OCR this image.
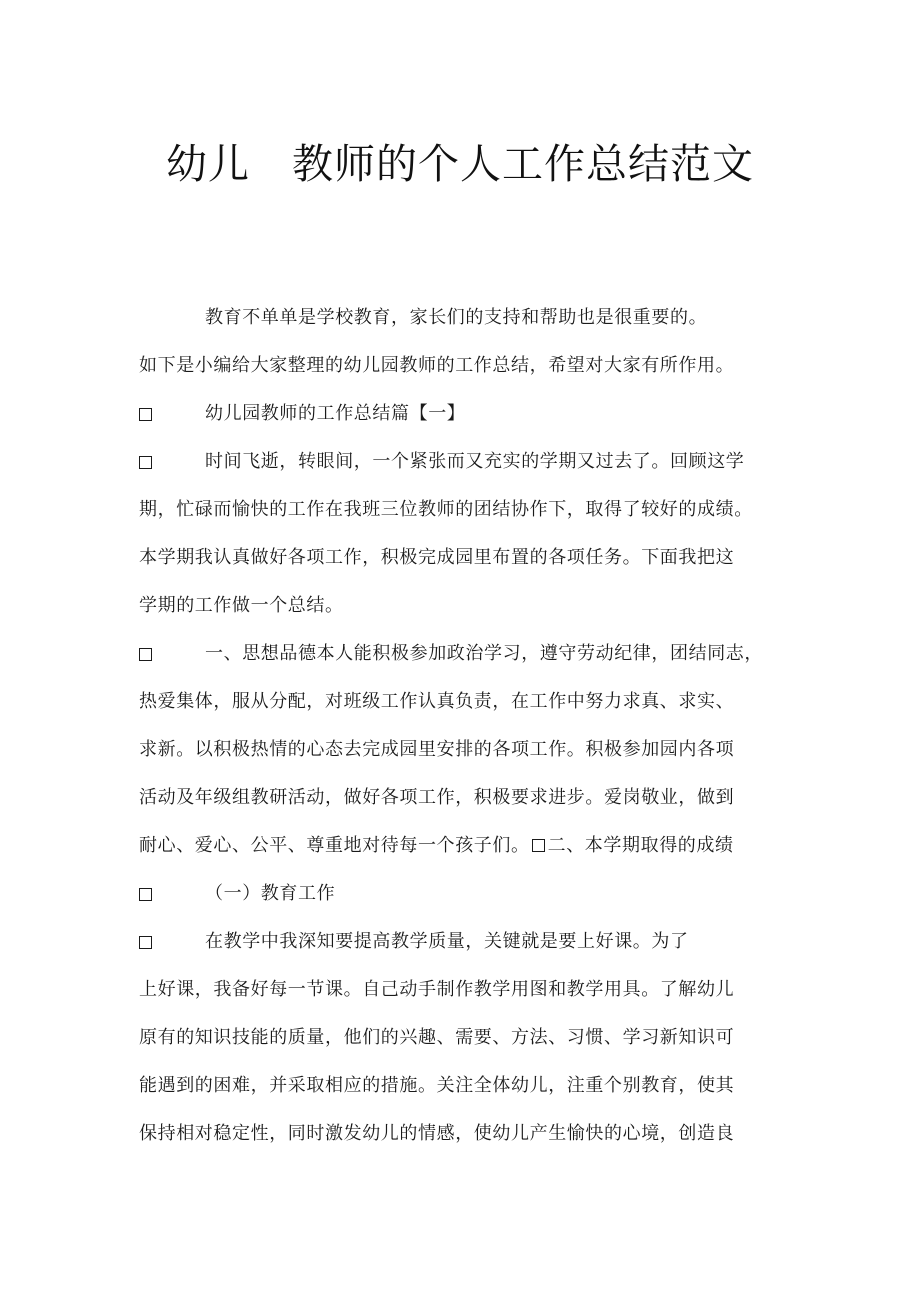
幼儿　教师的个人工作总结范文
教育不单单是学校教育，家长们的支持和帮助也是很重要的。
如下是小编给大家整理的幼儿园教师的工作总结，希望对大家有所作用。
幼儿园教师的工作总结篇【一】
时间飞逝，转眼间，一个紧张而又充实的学期又过去了。回顾这学
期，忙碌而愉快的工作在我班三位教师的团结协作下，取得了较好的成绩。
本学期我认真做好各项工作，积极完成园里布置的各项任务。下面我把这
学期的工作做一个总结。
一、思想品德本人能积极参加政治学习，遵守劳动纪律，团结同志，
热爱集体，服从分配，对班级工作认真负责，在工作中努力求真、求实、
求新。以积极热情的心态去完成园里安排的各项工作。积极参加园内各项
活动及年级组教研活动，做好各项工作，积极要求进步。爱岗敬业，做到
耐心、爱心、公平、尊重地对待每一个孩子们。 二、本学期取得的成绩
（一）教育工作
在教学中我深知要提高教学质量，关键就是要上好课。为了
上好课，我备好每一节课。自己动手制作教学用图和教学用具。了解幼儿
原有的知识技能的质量，他们的兴趣、需要、方法、习惯、学习新知识可
能遇到的困难，并采取相应的措施。关注全体幼儿，注重个别教育，使其
保持相对稳定性，同时激发幼儿的情感，使幼儿产生愉快的心境，创造良
